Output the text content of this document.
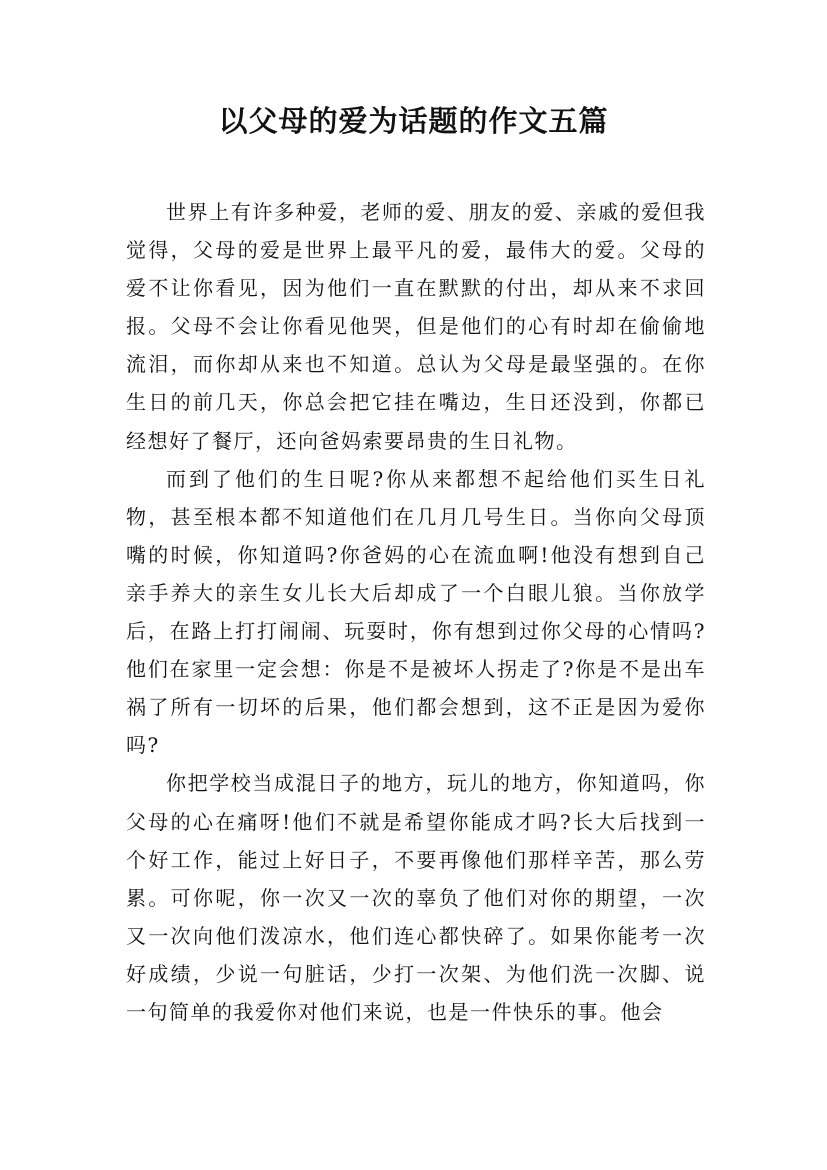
以父母的爱为话题的作文五篇

世界上有许多种爱，老师的爱、朋友的爱、亲戚的爱但我觉得，父母的爱是世界上最平凡的爱，最伟大的爱。父母的爱不让你看见，因为他们一直在默默的付出，却从来不求回报。父母不会让你看见他哭，但是他们的心有时却在偷偷地流泪，而你却从来也不知道。总认为父母是最坚强的。在你生日的前几天，你总会把它挂在嘴边，生日还没到，你都已经想好了餐厅，还向爸妈索要昂贵的生日礼物。

而到了他们的生日呢?你从来都想不起给他们买生日礼物，甚至根本都不知道他们在几月几号生日。当你向父母顶嘴的时候，你知道吗?你爸妈的心在流血啊!他没有想到自己亲手养大的亲生女儿长大后却成了一个白眼儿狼。当你放学后，在路上打打闹闹、玩耍时，你有想到过你父母的心情吗?他们在家里一定会想：你是不是被坏人拐走了?你是不是出车祸了所有一切坏的后果，他们都会想到，这不正是因为爱你吗?

你把学校当成混日子的地方，玩儿的地方，你知道吗，你父母的心在痛呀!他们不就是希望你能成才吗?长大后找到一个好工作，能过上好日子，不要再像他们那样辛苦，那么劳累。可你呢，你一次又一次的辜负了他们对你的期望，一次又一次向他们泼凉水，他们连心都快碎了。如果你能考一次好成绩，少说一句脏话，少打一次架、为他们洗一次脚、说一句简单的我爱你对他们来说，也是一件快乐的事。他会
